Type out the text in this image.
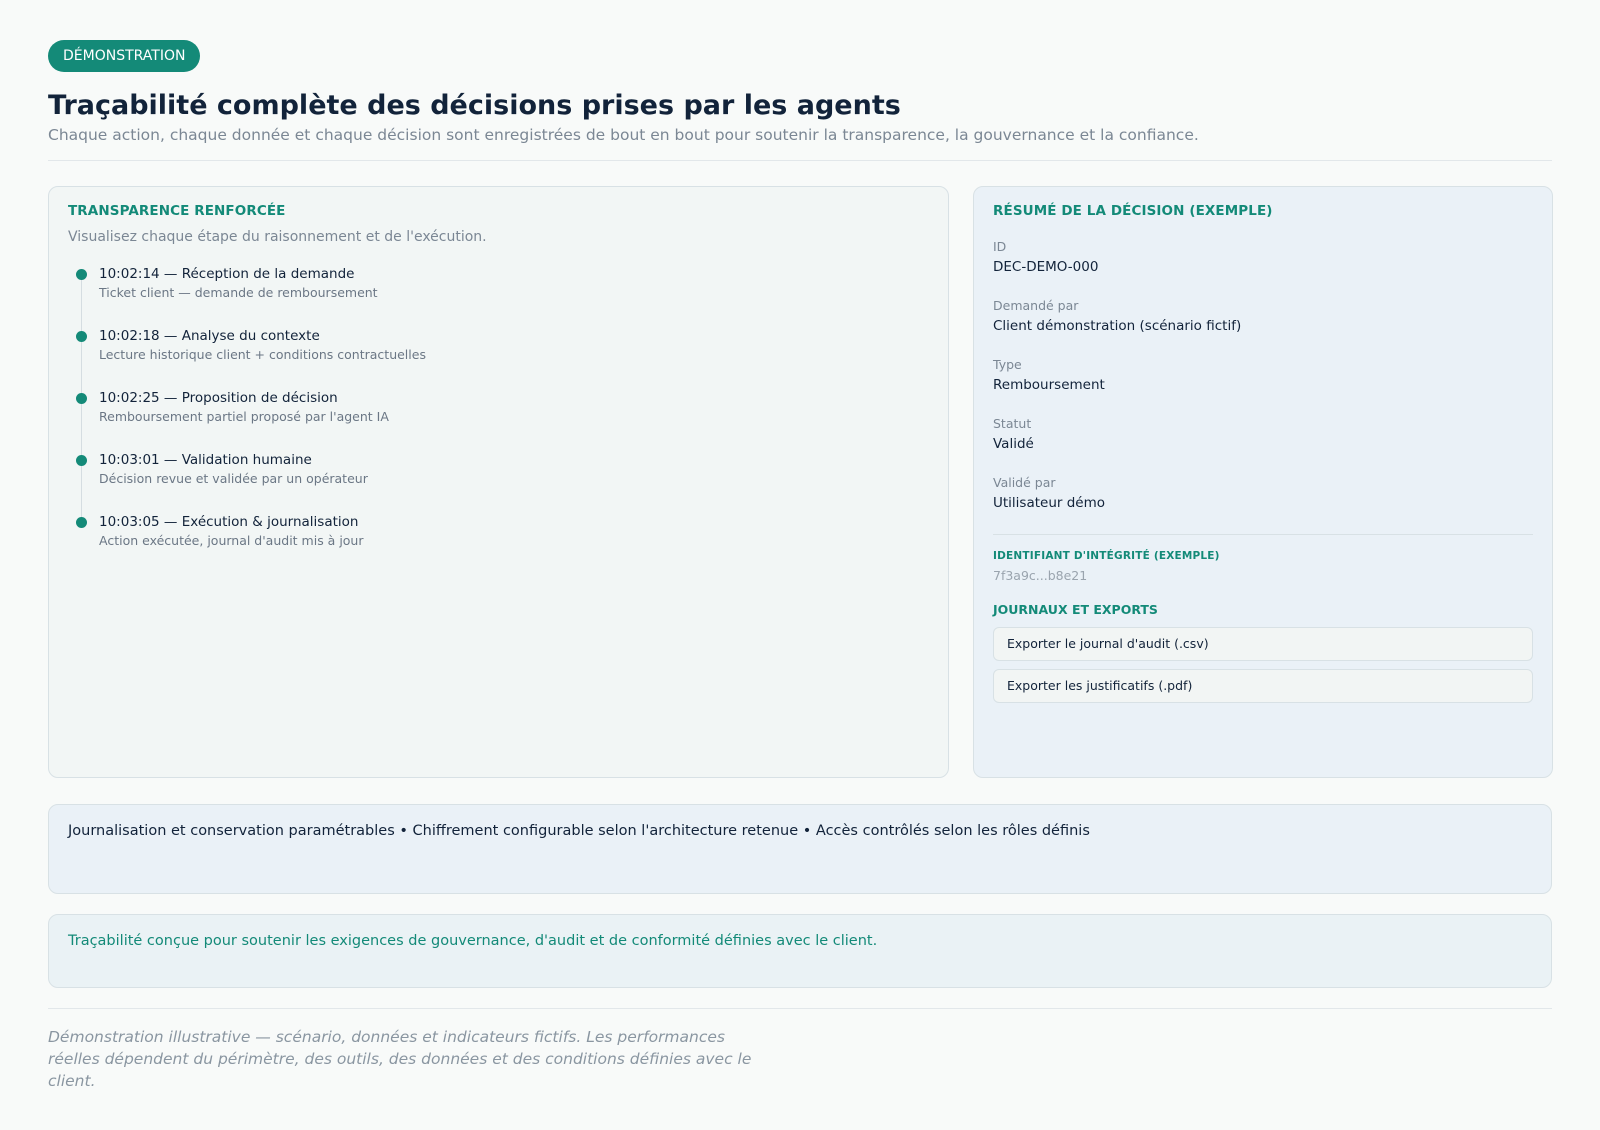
DÉMONSTRATION
Traçabilité complète des décisions prises par les agents
Chaque action, chaque donnée et chaque décision sont enregistrées de bout en bout pour soutenir la transparence, la gouvernance et la confiance.
TRANSPARENCE RENFORCÉE
Visualisez chaque étape du raisonnement et de l'exécution.
10:02:14 — Réception de la demande
Ticket client — demande de remboursement
10:02:18 — Analyse du contexte
Lecture historique client + conditions contractuelles
10:02:25 — Proposition de décision
Remboursement partiel proposé par l'agent IA
10:03:01 — Validation humaine
Décision revue et validée par un opérateur
10:03:05 — Exécution & journalisation
Action exécutée, journal d'audit mis à jour
RÉSUMÉ DE LA DÉCISION (EXEMPLE)
ID
DEC-DEMO-000
Demandé par
Client démonstration (scénario fictif)
Type
Remboursement
Statut
Validé
Validé par
Utilisateur démo
IDENTIFIANT D'INTÉGRITÉ (EXEMPLE)
7f3a9c...b8e21
JOURNAUX ET EXPORTS
Exporter le journal d'audit (.csv)
Exporter les justificatifs (.pdf)
Journalisation et conservation paramétrables • Chiffrement configurable selon l'architecture retenue • Accès contrôlés selon les rôles définis
Traçabilité conçue pour soutenir les exigences de gouvernance, d'audit et de conformité définies avec le client.
Démonstration illustrative — scénario, données et indicateurs fictifs. Les performances réelles dépendent du périmètre, des outils, des données et des conditions définies avec le client.
